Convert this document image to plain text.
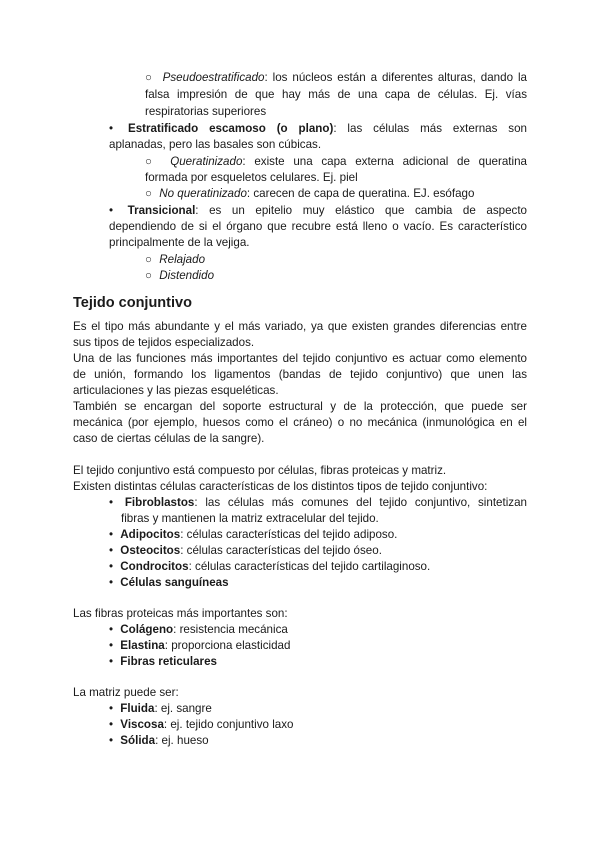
○ Pseudoestratificado: los núcleos están a diferentes alturas, dando la
falsa impresión de que hay más de una capa de células. Ej. vías
respiratorias superiores
• Estratificado escamoso (o plano): las células más externas son
aplanadas, pero las basales son cúbicas.
○ Queratinizado: existe una capa externa adicional de queratina
formada por esqueletos celulares. Ej. piel
○ No queratinizado: carecen de capa de queratina. EJ. esófago
• Transicional: es un epitelio muy elástico que cambia de aspecto
dependiendo de si el órgano que recubre está lleno o vacío. Es característico
principalmente de la vejiga.
○ Relajado
○ Distendido
Tejido conjuntivo
Es el tipo más abundante y el más variado, ya que existen grandes diferencias entre
sus tipos de tejidos especializados.
Una de las funciones más importantes del tejido conjuntivo es actuar como elemento
de unión, formando los ligamentos (bandas de tejido conjuntivo) que unen las
articulaciones y las piezas esqueléticas.
También se encargan del soporte estructural y de la protección, que puede ser
mecánica (por ejemplo, huesos como el cráneo) o no mecánica (inmunológica en el
caso de ciertas células de la sangre).
El tejido conjuntivo está compuesto por células, fibras proteicas y matriz.
Existen distintas células características de los distintos tipos de tejido conjuntivo:
• Fibroblastos: las células más comunes del tejido conjuntivo, sintetizan
fibras y mantienen la matriz extracelular del tejido.
• Adipocitos: células características del tejido adiposo.
• Osteocitos: células características del tejido óseo.
• Condrocitos: células características del tejido cartilaginoso.
• Células sanguíneas
Las fibras proteicas más importantes son:
• Colágeno: resistencia mecánica
• Elastina: proporciona elasticidad
• Fibras reticulares
La matriz puede ser:
• Fluida: ej. sangre
• Viscosa: ej. tejido conjuntivo laxo
• Sólida: ej. hueso
